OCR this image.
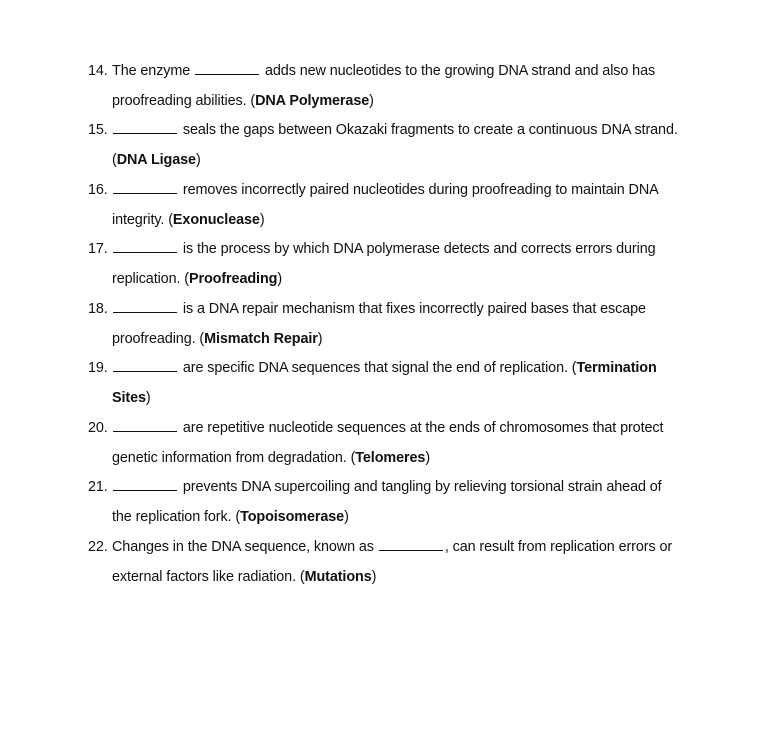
14. The enzyme	adds new nucleotides to the growing DNA strand and also has
proofreading abilities. (DNA Polymerase)
15.	seals the gaps between Okazaki fragments to create a continuous DNA strand.
(DNA Ligase)
16.	removes incorrectly paired nucleotides during proofreading to maintain DNA
integrity. (Exonuclease)
17.	is the process by which DNA polymerase detects and corrects errors during
replication. (Proofreading)
18.	is a DNA repair mechanism that fixes incorrectly paired bases that escape
proofreading. (Mismatch Repair)
19.	are specific DNA sequences that signal the end of replication. (Termination
Sites)
20.	are repetitive nucleotide sequences at the ends of chromosomes that protect
genetic information from degradation. (Telomeres)
21.	prevents DNA supercoiling and tangling by relieving torsional strain ahead of
the replication fork. (Topoisomerase)
22. Changes in the DNA sequence, known as	, can result from replication errors or
external factors like radiation. (Mutations)
